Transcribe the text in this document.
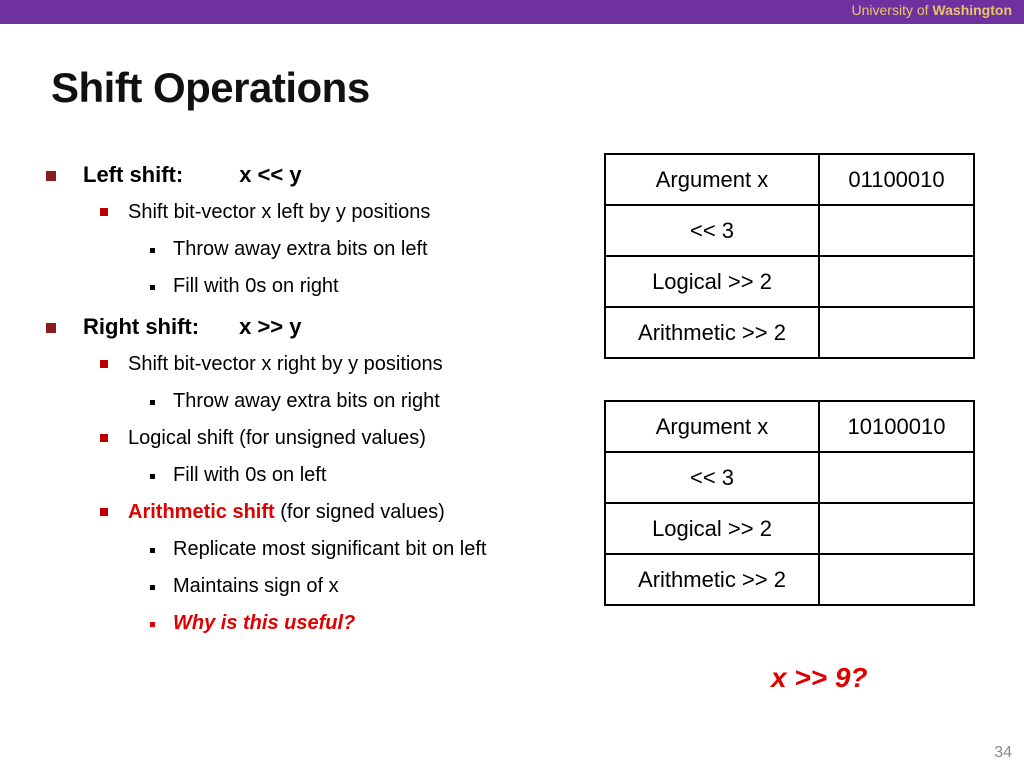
University of Washington
Shift Operations
Left shift:	x << y
Shift bit-vector x left by y positions
Throw away extra bits on left
Fill with 0s on right
Right shift: x >> y
Shift bit-vector x right by y positions
Throw away extra bits on right
Logical shift (for unsigned values)
Fill with 0s on left
Arithmetic shift (for signed values)
Replicate most significant bit on left
Maintains sign of x
Why is this useful?
Argument x	01100010
<< 3	
Logical >> 2	
Arithmetic >> 2	
Argument x	10100010
<< 3	
Logical >> 2	
Arithmetic >> 2	
x >> 9?
34
